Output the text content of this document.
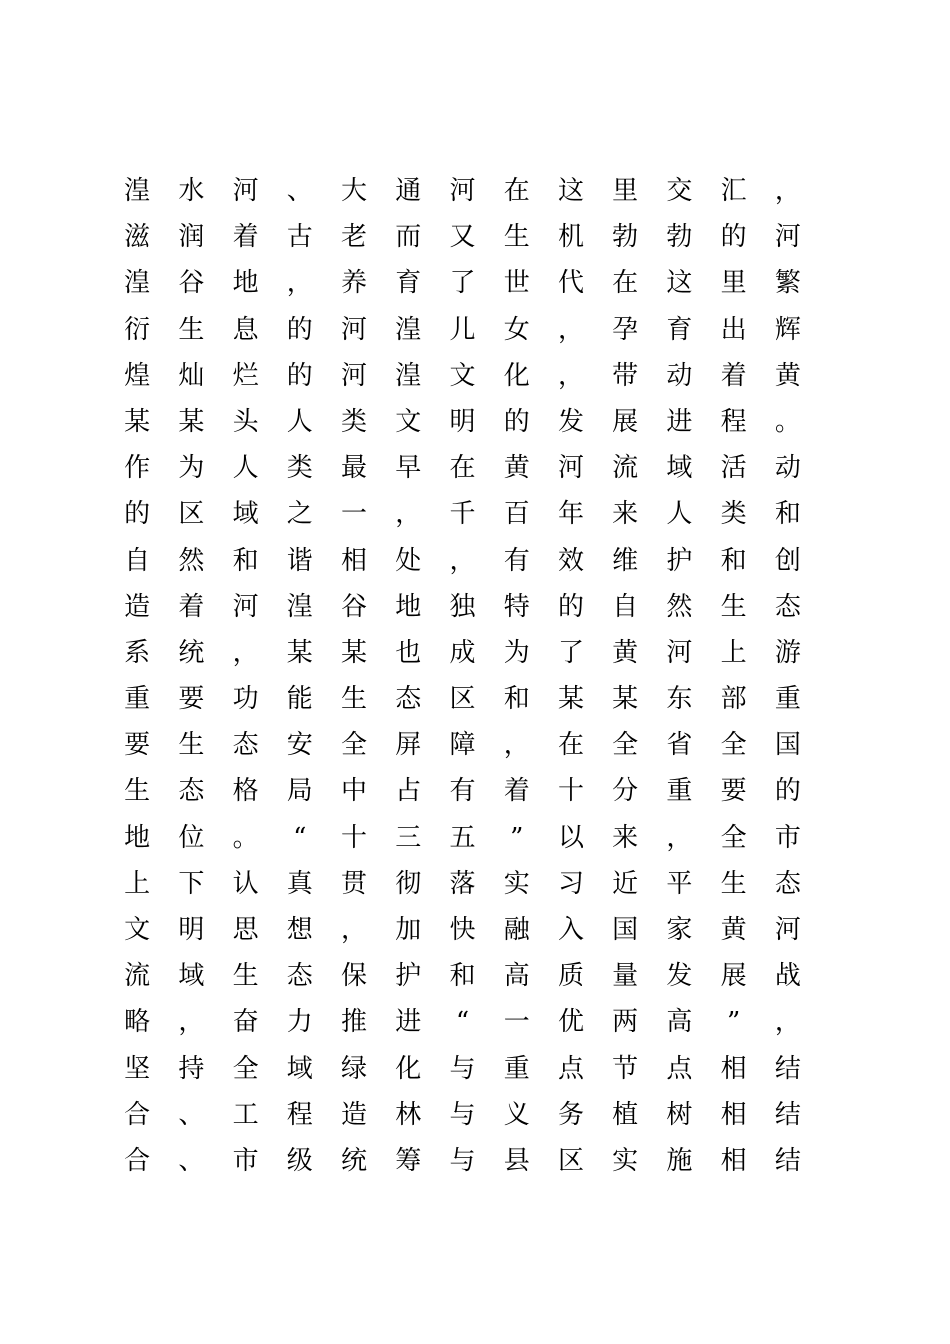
湟	水	河	、	大	通	河	在	这	里	交	汇	，
滋	润	着	古	老	而	又	生	机	勃	勃	的	河
湟	谷	地	，	养	育	了	世	代	在	这	里	繁
衍	生	息	的	河	湟	儿	女	，	孕	育	出	辉
煌	灿	烂	的	河	湟	文	化	，	带	动	着	黄
某	某	头	人	类	文	明	的	发	展	进	程	。
作	为	人	类	最	早	在	黄	河	流	域	活	动
的	区	域	之	一	，	千	百	年	来	人	类	和
自	然	和	谐	相	处	，	有	效	维	护	和	创
造	着	河	湟	谷	地	独	特	的	自	然	生	态
系	统	，	某	某	也	成	为	了	黄	河	上	游
重	要	功	能	生	态	区	和	某	某	东	部	重
要	生	态	安	全	屏	障	，	在	全	省	全	国
生	态	格	局	中	占	有	着	十	分	重	要	的
地	位	。	“	十	三	五	”	以	来	，	全	市
上	下	认	真	贯	彻	落	实	习	近	平	生	态
文	明	思	想	，	加	快	融	入	国	家	黄	河
流	域	生	态	保	护	和	高	质	量	发	展	战
略	，	奋	力	推	进	“	一	优	两	高	”	，
坚	持	全	域	绿	化	与	重	点	节	点	相	结
合	、	工	程	造	林	与	义	务	植	树	相	结
合	、	市	级	统	筹	与	县	区	实	施	相	结
